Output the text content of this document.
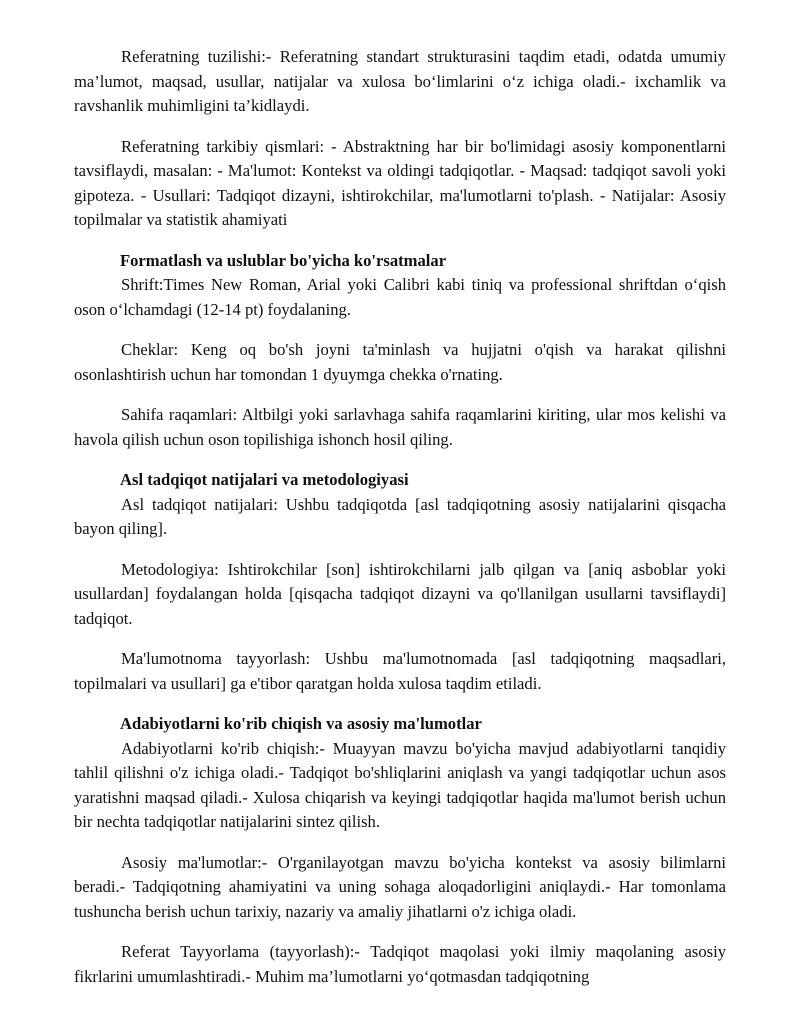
Referatning tuzilishi:- Referatning standart strukturasini taqdim etadi, odatda umumiy ma’lumot, maqsad, usullar, natijalar va xulosa bo‘limlarini o‘z ichiga oladi.- ixchamlik va ravshanlik muhimligini ta’kidlaydi.

Referatning tarkibiy qismlari: - Abstraktning har bir bo'limidagi asosiy komponentlarni tavsiflaydi, masalan: - Ma'lumot: Kontekst va oldingi tadqiqotlar. - Maqsad: tadqiqot savoli yoki gipoteza. - Usullari: Tadqiqot dizayni, ishtirokchilar, ma'lumotlarni to'plash. - Natijalar: Asosiy topilmalar va statistik ahamiyati

Formatlash va uslublar bo'yicha ko'rsatmalar

Shrift:Times New Roman, Arial yoki Calibri kabi tiniq va professional shriftdan o‘qish oson o‘lchamdagi (12-14 pt) foydalaning.

Cheklar: Keng oq bo'sh joyni ta'minlash va hujjatni o'qish va harakat qilishni osonlashtirish uchun har tomondan 1 dyuymga chekka o'rnating.

Sahifa raqamlari: Altbilgi yoki sarlavhaga sahifa raqamlarini kiriting, ular mos kelishi va havola qilish uchun oson topilishiga ishonch hosil qiling.

Asl tadqiqot natijalari va metodologiyasi

Asl tadqiqot natijalari: Ushbu tadqiqotda [asl tadqiqotning asosiy natijalarini qisqacha bayon qiling].

Metodologiya: Ishtirokchilar [son] ishtirokchilarni jalb qilgan va [aniq asboblar yoki usullardan] foydalangan holda [qisqacha tadqiqot dizayni va qo'llanilgan usullarni tavsiflaydi] tadqiqot.

Ma'lumotnoma tayyorlash: Ushbu ma'lumotnomada [asl tadqiqotning maqsadlari, topilmalari va usullari] ga e'tibor qaratgan holda xulosa taqdim etiladi.

Adabiyotlarni ko'rib chiqish va asosiy ma'lumotlar

Adabiyotlarni ko'rib chiqish:- Muayyan mavzu bo'yicha mavjud adabiyotlarni tanqidiy tahlil qilishni o'z ichiga oladi.- Tadqiqot bo'shliqlarini aniqlash va yangi tadqiqotlar uchun asos yaratishni maqsad qiladi.- Xulosa chiqarish va keyingi tadqiqotlar haqida ma'lumot berish uchun bir nechta tadqiqotlar natijalarini sintez qilish.

Asosiy ma'lumotlar:- O'rganilayotgan mavzu bo'yicha kontekst va asosiy bilimlarni beradi.- Tadqiqotning ahamiyatini va uning sohaga aloqadorligini aniqlaydi.- Har tomonlama tushuncha berish uchun tarixiy, nazariy va amaliy jihatlarni o'z ichiga oladi.

Referat Tayyorlama (tayyorlash):- Tadqiqot maqolasi yoki ilmiy maqolaning asosiy fikrlarini umumlashtiradi.- Muhim ma’lumotlarni yo‘qotmasdan tadqiqotning
